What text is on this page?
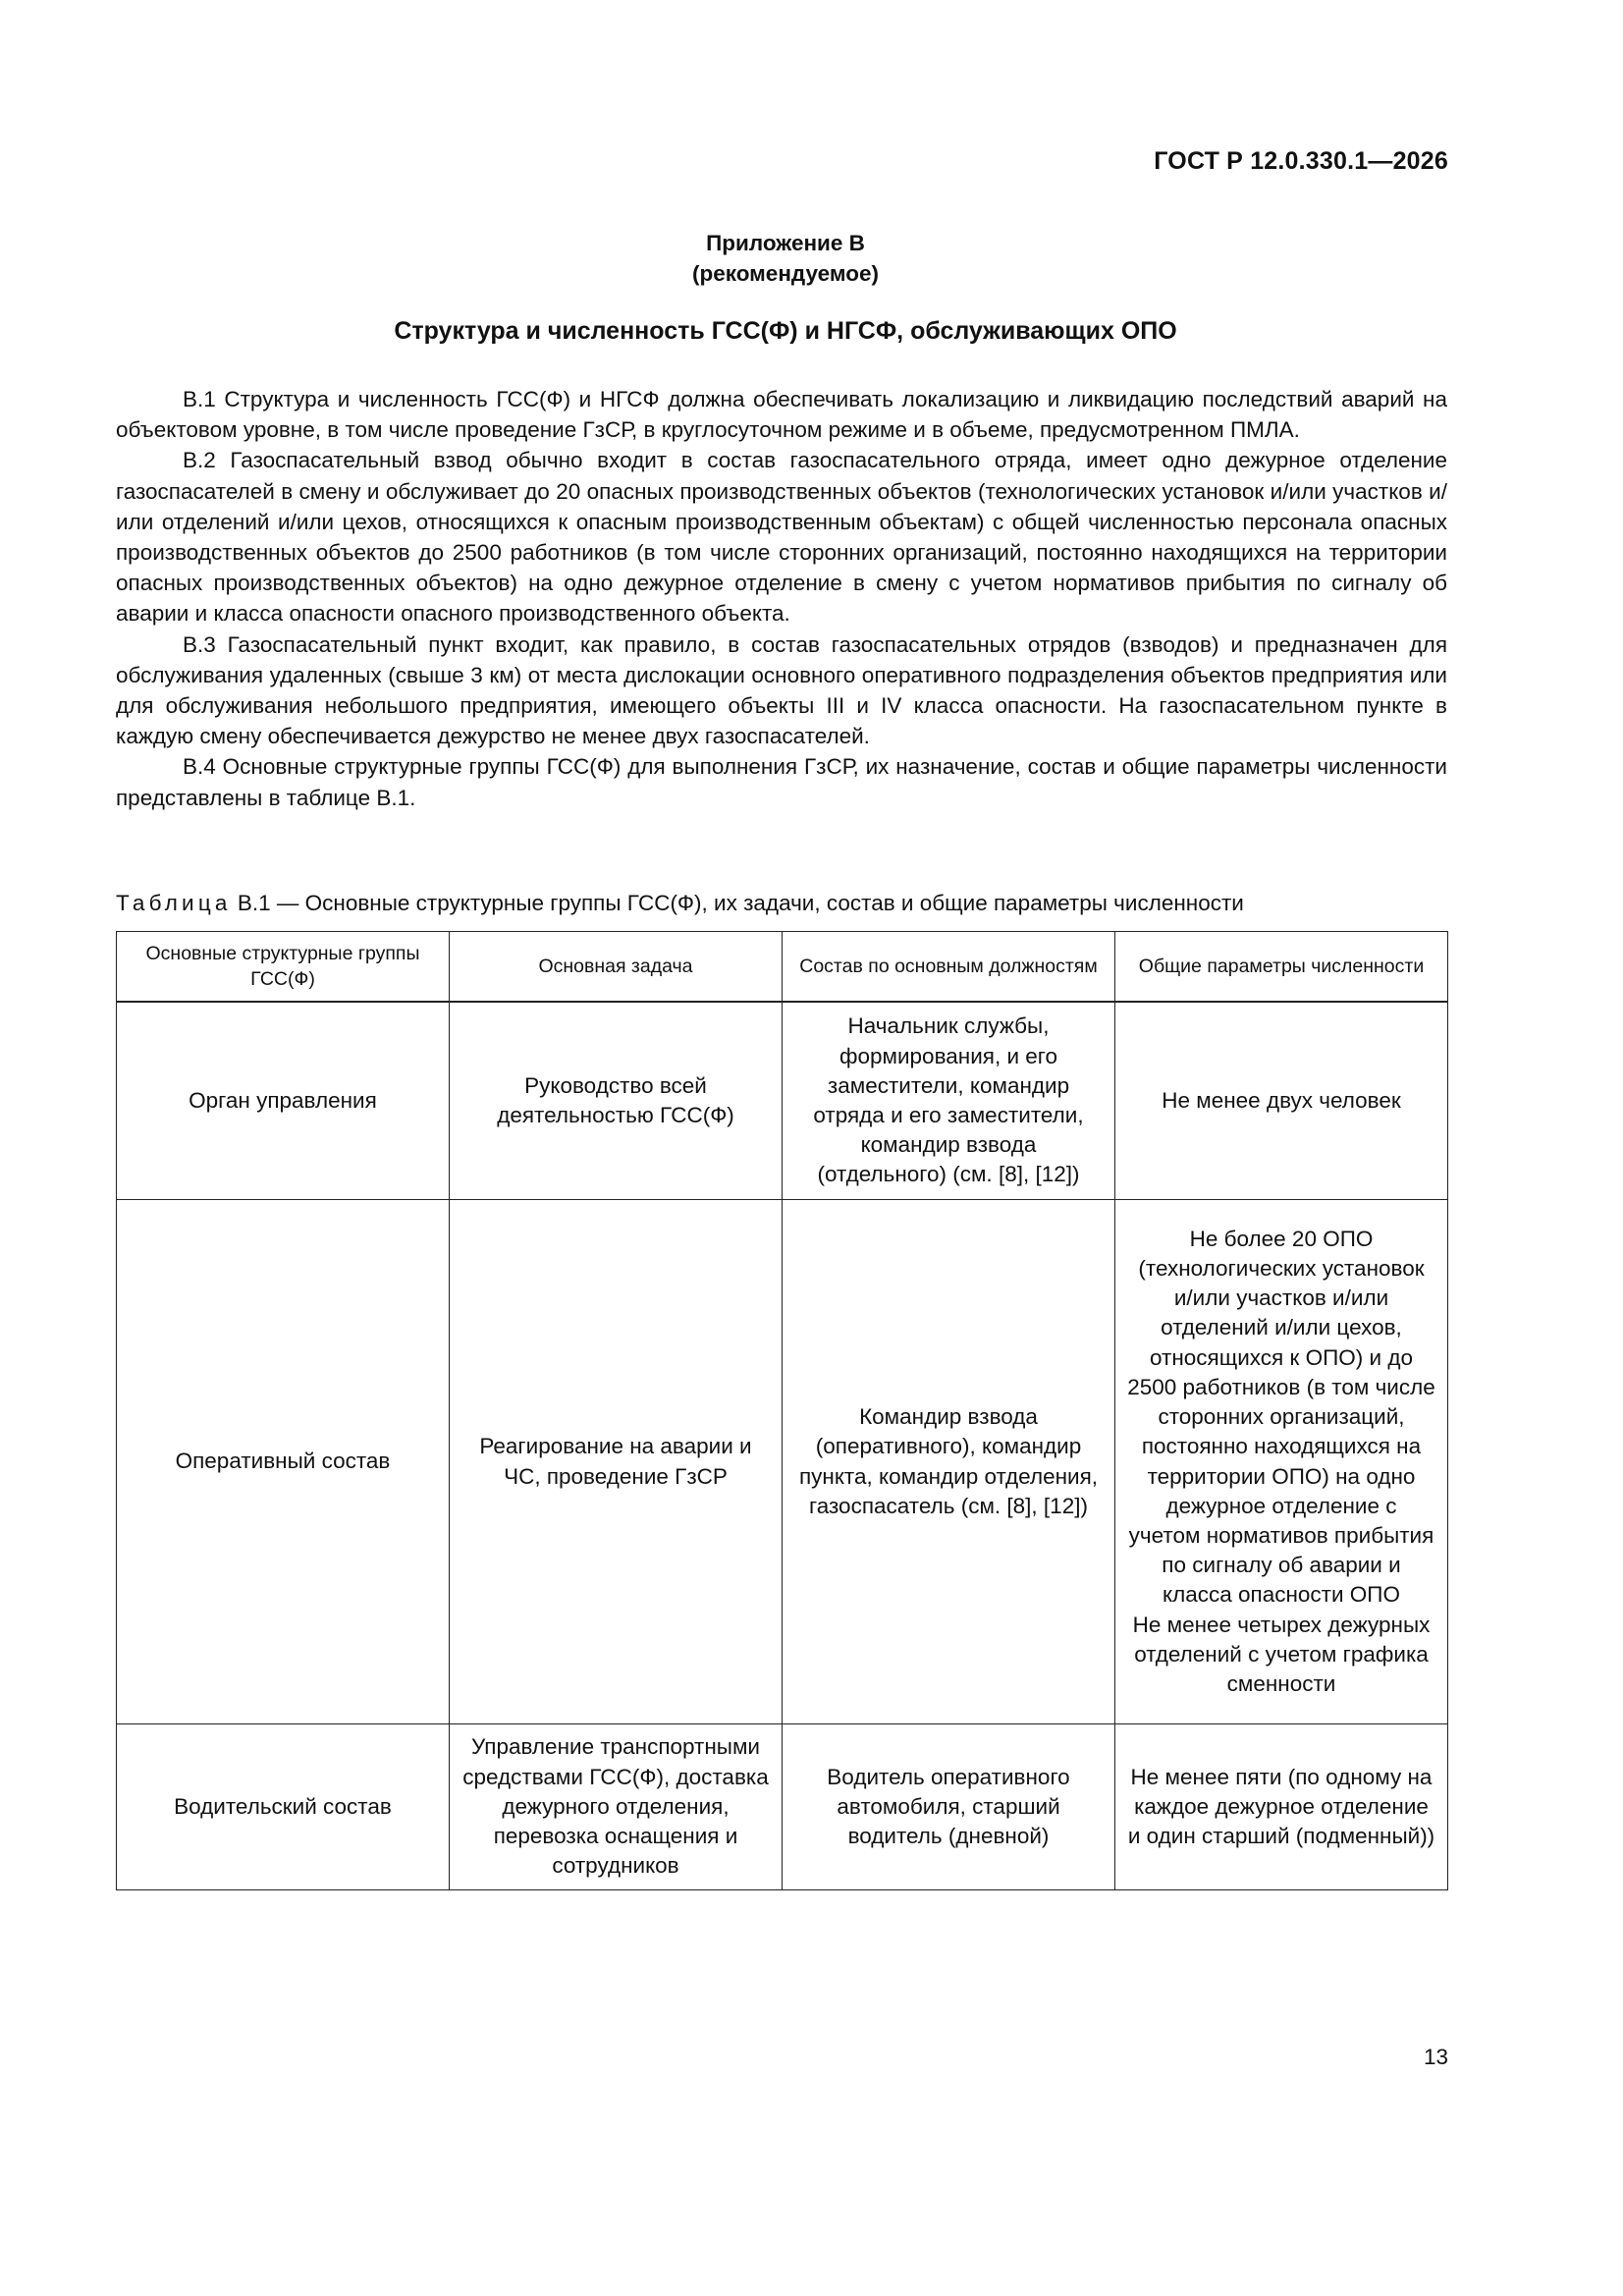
ГОСТ Р 12.0.330.1—2026
Приложение В
(рекомендуемое)
Структура и численность ГСС(Ф) и НГСФ, обслуживающих ОПО

В.1 Структура и численность ГСС(Ф) и НГСФ должна обеспечивать локализацию и ликвидацию последствий аварий на объектовом уровне, в том числе проведение ГзСР, в круглосуточном режиме и в объеме, предусмотренном ПМЛА.

В.2 Газоспасательный взвод обычно входит в состав газоспасательного отряда, имеет одно дежурное отделение газоспасателей в смену и обслуживает до 20 опасных производственных объектов (технологических установок и/или участков и/или отделений и/или цехов, относящихся к опасным производственным объектам) с общей численностью персонала опасных производственных объектов до 2500 работников (в том числе сторонних организаций, постоянно находящихся на территории опасных производственных объектов) на одно дежурное отделение в смену с учетом нормативов прибытия по сигналу об аварии и класса опасности опасного производственного объекта.

В.3 Газоспасательный пункт входит, как правило, в состав газоспасательных отрядов (взводов) и предназначен для обслуживания удаленных (свыше 3 км) от места дислокации основного оперативного подразделения объектов предприятия или для обслуживания небольшого предприятия, имеющего объекты III и IV класса опасности. На газоспасательном пункте в каждую смену обеспечивается дежурство не менее двух газоспасателей.

В.4 Основные структурные группы ГСС(Ф) для выполнения ГзСР, их назначение, состав и общие параметры численности представлены в таблице В.1.

Таблица В.1 — Основные структурные группы ГСС(Ф), их задачи, состав и общие параметры численности
Основные структурные группы ГСС(Ф)	Основная задача	Состав по основным должностям	Общие параметры численности
Орган управления	Руководство всей деятельностью ГСС(Ф)	Начальник службы, формирования, и его заместители, командир отряда и его заместители, командир взвода (отдельного) (см. [8], [12])	Не менее двух человек
Оперативный состав	Реагирование на аварии и ЧС, проведение ГзСР	Командир взвода (оперативного), командир пункта, командир отделения, газоспасатель (см. [8], [12])	Не более 20 ОПО (технологических установок и/или участков и/или отделений и/или цехов, относящихся к ОПО) и до 2500 работников (в том числе сторонних организаций, постоянно находящихся на территории ОПО) на одно дежурное отделение с учетом нормативов прибытия по сигналу об аварии и класса опасности ОПО
Не менее четырех дежурных отделений с учетом графика сменности

Водительский состав	Управление транспортными средствами ГСС(Ф), доставка дежурного отделения, перевозка оснащения и сотрудников	Водитель оперативного автомобиля, старший водитель (дневной)	Не менее пяти (по одному на каждое дежурное отделение и один старший (подменный))
13
